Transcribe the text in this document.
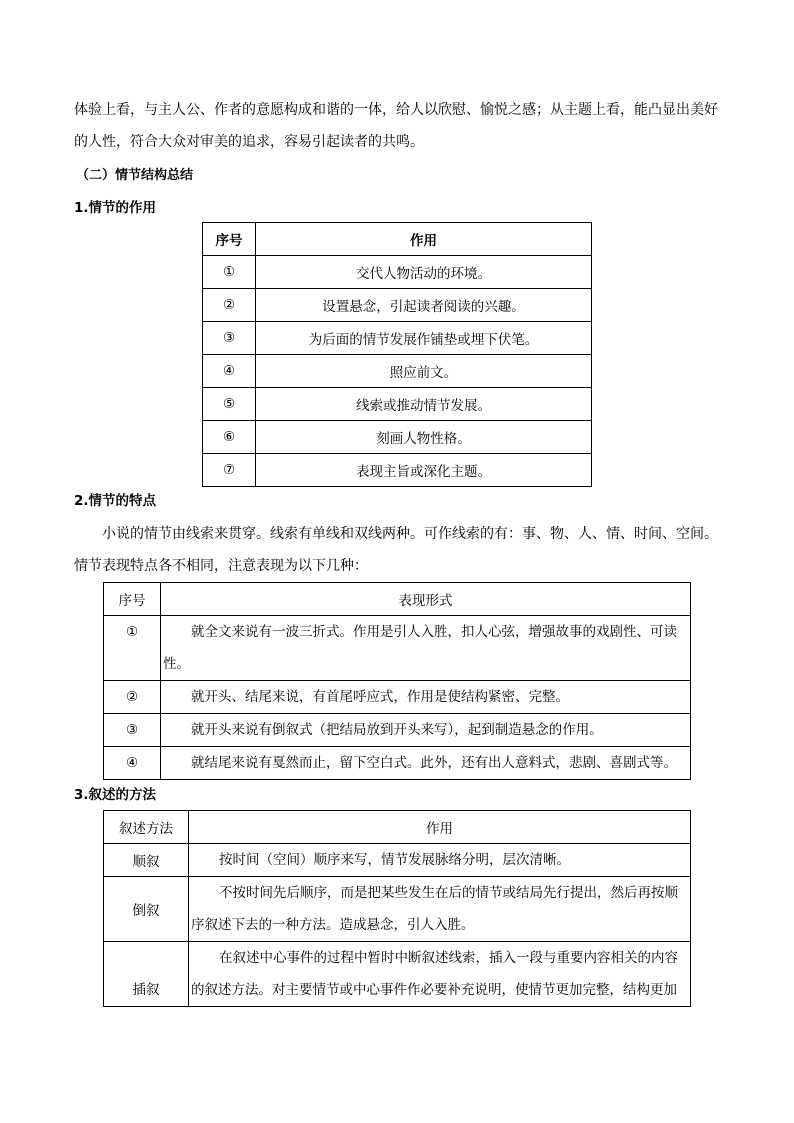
体验上看，与主人公、作者的意愿构成和谐的一体，给人以欣慰、愉悦之感；从主题上看，能凸显出美好
的人性，符合大众对审美的追求，容易引起读者的共鸣。
（二）情节结构总结
1.情节的作用
序号	作用
①	交代人物活动的环境。
②	设置悬念，引起读者阅读的兴趣。
③	为后面的情节发展作铺垫或埋下伏笔。
④	照应前文。
⑤	线索或推动情节发展。
⑥	刻画人物性格。
⑦	表现主旨或深化主题。
2.情节的特点
小说的情节由线索来贯穿。线索有单线和双线两种。可作线索的有：事、物、人、情、时间、空间。
情节表现特点各不相同，注意表现为以下几种：
序号	表现形式
①	就全文来说有一波三折式。作用是引人入胜，扣人心弦，增强故事的戏剧性、可读性。
②	就开头、结尾来说，有首尾呼应式，作用是使结构紧密、完整。
③	就开头来说有倒叙式（把结局放到开头来写），起到制造悬念的作用。
④	就结尾来说有戛然而止，留下空白式。此外，还有出人意料式，悲剧、喜剧式等。
3.叙述的方法
叙述方法	作用
顺叙	按时间（空间）顺序来写，情节发展脉络分明，层次清晰。
倒叙	不按时间先后顺序，而是把某些发生在后的情节或结局先行提出，然后再按顺序叙述下去的一种方法。造成悬念，引人入胜。
插叙	在叙述中心事件的过程中暂时中断叙述线索，插入一段与重要内容相关的内容的叙述方法。对主要情节或中心事件作必要补充说明，使情节更加完整，结构更加
